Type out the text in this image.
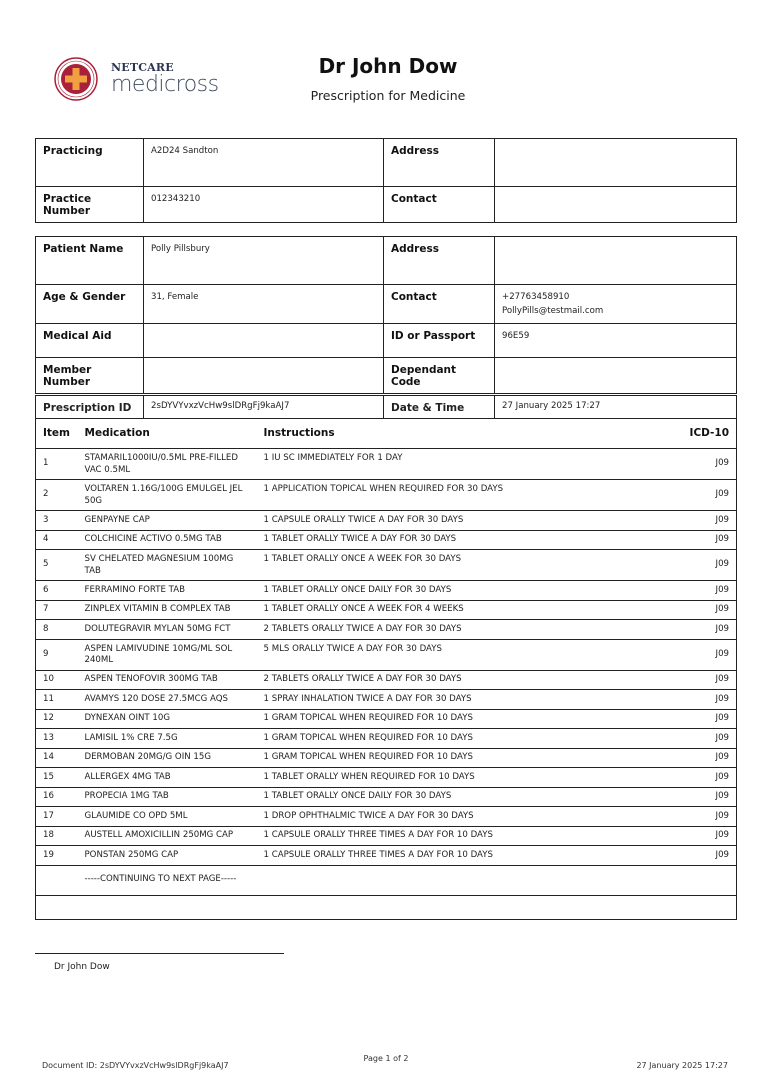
NETCARE
medicross
Dr John Dow
Prescription for Medicine
Practicing	A2D24 Sandton	Address	
Practice Number	012343210	Contact	
Patient Name	Polly Pillsbury	Address	
Age & Gender	31, Female	Contact	+27763458910
PollyPills@testmail.com

Medical Aid		ID or Passport	96E59
Member Number		Dependant Code	
Prescription ID		2sDYVYvxzVcHw9slDRgFj9kaAJ7		Date & Time	27 January 2025 17:27	
Item	Medication		Instructions			ICD-10
1	STAMARIL1000IU/0.5ML PRE-FILLED VAC 0.5ML		1 IU SC IMMEDIATELY FOR 1 DAY			J09
2	VOLTAREN 1.16G/100G EMULGEL JEL 50G		1 APPLICATION TOPICAL WHEN REQUIRED FOR 30 DAYS			J09
3	GENPAYNE CAP		1 CAPSULE ORALLY TWICE A DAY FOR 30 DAYS			J09
4	COLCHICINE ACTIVO 0.5MG TAB		1 TABLET ORALLY TWICE A DAY FOR 30 DAYS			J09
5	SV CHELATED MAGNESIUM 100MG TAB		1 TABLET ORALLY ONCE A WEEK FOR 30 DAYS			J09
6	FERRAMINO FORTE TAB		1 TABLET ORALLY ONCE DAILY FOR 30 DAYS			J09
7	ZINPLEX VITAMIN B COMPLEX TAB		1 TABLET ORALLY ONCE A WEEK FOR 4 WEEKS			J09
8	DOLUTEGRAVIR MYLAN 50MG FCT		2 TABLETS ORALLY TWICE A DAY FOR 30 DAYS			J09
9	ASPEN LAMIVUDINE 10MG/ML SOL 240ML		5 MLS ORALLY TWICE A DAY FOR 30 DAYS			J09
10	ASPEN TENOFOVIR 300MG TAB		2 TABLETS ORALLY TWICE A DAY FOR 30 DAYS			J09
11	AVAMYS 120 DOSE 27.5MCG AQS		1 SPRAY INHALATION TWICE A DAY FOR 30 DAYS			J09
12	DYNEXAN OINT 10G		1 GRAM TOPICAL WHEN REQUIRED FOR 10 DAYS			J09
13	LAMISIL 1% CRE 7.5G		1 GRAM TOPICAL WHEN REQUIRED FOR 10 DAYS			J09
14	DERMOBAN 20MG/G OIN 15G		1 GRAM TOPICAL WHEN REQUIRED FOR 10 DAYS			J09
15	ALLERGEX 4MG TAB		1 TABLET ORALLY WHEN REQUIRED FOR 10 DAYS			J09
16	PROPECIA 1MG TAB		1 TABLET ORALLY ONCE DAILY FOR 30 DAYS			J09
17	GLAUMIDE CO OPD 5ML		1 DROP OPHTHALMIC TWICE A DAY FOR 30 DAYS			J09
18	AUSTELL AMOXICILLIN 250MG CAP		1 CAPSULE ORALLY THREE TIMES A DAY FOR 10 DAYS			J09
19	PONSTAN 250MG CAP		1 CAPSULE ORALLY THREE TIMES A DAY FOR 10 DAYS			J09
	-----CONTINUING TO NEXT PAGE-----					

Dr John Dow
Document ID: 2sDYVYvxzVcHw9slDRgFj9kaAJ7
Page 1 of 2
27 January 2025 17:27
